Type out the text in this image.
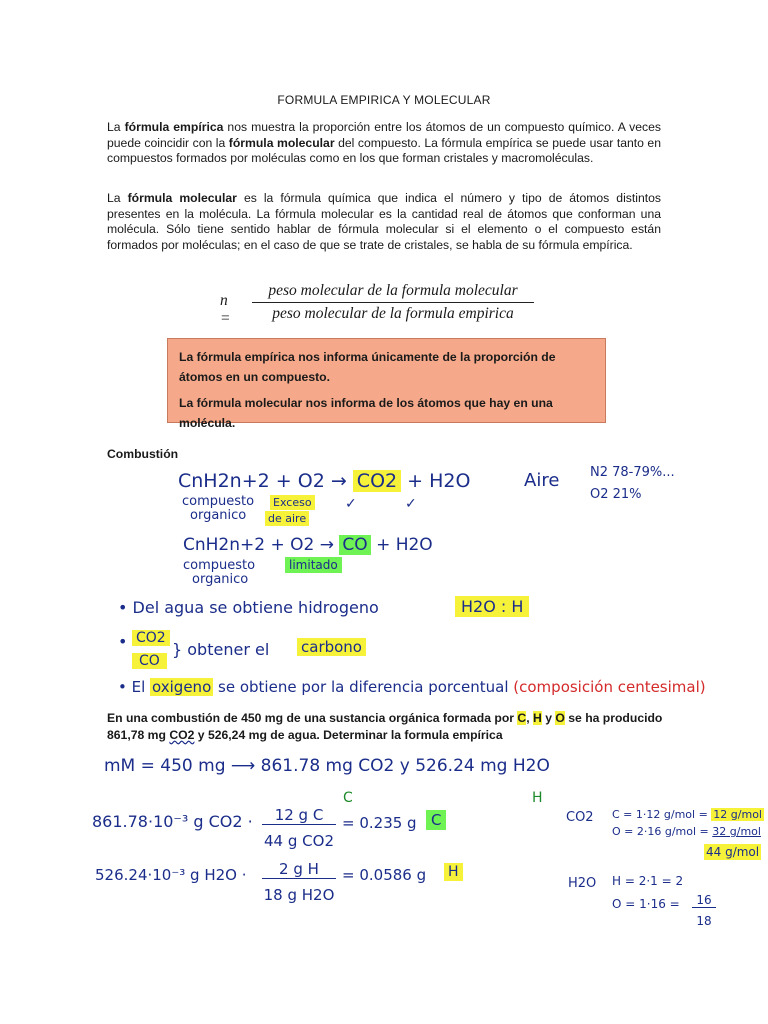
FORMULA EMPIRICA Y MOLECULAR
La fórmula empírica nos muestra la proporción entre los átomos de un compuesto químico. A veces puede coincidir con la fórmula molecular del compuesto. La fórmula empírica se puede usar tanto en compuestos formados por moléculas como en los que forman cristales y macromoléculas.
La fórmula molecular es la fórmula química que indica el número y tipo de átomos distintos presentes en la molécula. La fórmula molecular es la cantidad real de átomos que conforman una molécula. Sólo tiene sentido hablar de fórmula molecular si el elemento o el compuesto están formados por moléculas; en el caso de que se trate de cristales, se habla de su fórmula empírica.
n =
peso molecular de la formula molecular
peso molecular de la formula empirica

La fórmula empírica nos informa únicamente de la proporción de átomos en un compuesto.

La fórmula molecular nos informa de los átomos que hay en una molécula.

Combustión
CnH2n+2 + O2 → CO2 + H2O
compuesto
organico
Exceso
de aire
✓	✓
Aire N2 78-79%...
O2 21%
CnH2n+2 + O2 → CO + H2O
compuesto
organico
limitado
• Del agua se obtiene hidrogeno	H2O : H
• CO2
CO
} obtener el carbono
• El oxigeno se obtiene por la diferencia porcentual (composición centesimal)
En una combustión de 450 mg de una sustancia orgánica formada por C, H y O se ha producido 861,78 mg CO2 y 526,24 mg de agua. Determinar la formula empírica
mM = 450 mg ⟶ 861.78 mg CO2 y 526.24 mg H2O
C	H
861.78·10⁻³ g CO2 ·	12 g C
44 g CO2
= 0.235 g C
526.24·10⁻³ g H2O ·	2 g H
18 g H2O
= 0.0586 g H
CO2 C = 1·12 g/mol = 12 g/mol
O = 2·16 g/mol = 32 g/mol
44 g/mol
H2O H = 2·1 = 2
O = 1·16 =	16
18
